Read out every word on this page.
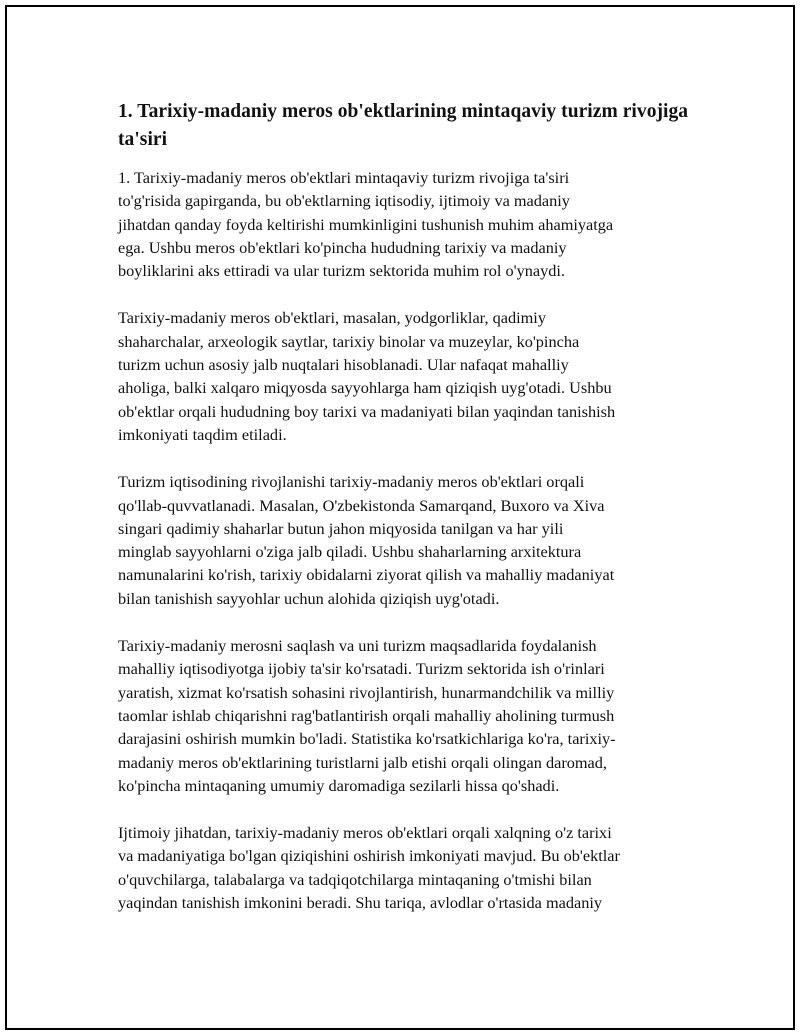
1. Tarixiy-madaniy meros ob'ektlarining mintaqaviy turizm rivojiga ta'siri
1. Tarixiy-madaniy meros ob'ektlari mintaqaviy turizm rivojiga ta'siri
to'g'risida gapirganda, bu ob'ektlarning iqtisodiy, ijtimoiy va madaniy
jihatdan qanday foyda keltirishi mumkinligini tushunish muhim ahamiyatga
ega. Ushbu meros ob'ektlari ko'pincha hududning tarixiy va madaniy
boyliklarini aks ettiradi va ular turizm sektorida muhim rol o'ynaydi.
Tarixiy-madaniy meros ob'ektlari, masalan, yodgorliklar, qadimiy
shaharchalar, arxeologik saytlar, tarixiy binolar va muzeylar, ko'pincha
turizm uchun asosiy jalb nuqtalari hisoblanadi. Ular nafaqat mahalliy
aholiga, balki xalqaro miqyosda sayyohlarga ham qiziqish uyg'otadi. Ushbu
ob'ektlar orqali hududning boy tarixi va madaniyati bilan yaqindan tanishish
imkoniyati taqdim etiladi.
Turizm iqtisodining rivojlanishi tarixiy-madaniy meros ob'ektlari orqali
qo'llab-quvvatlanadi. Masalan, O'zbekistonda Samarqand, Buxoro va Xiva
singari qadimiy shaharlar butun jahon miqyosida tanilgan va har yili
minglab sayyohlarni o'ziga jalb qiladi. Ushbu shaharlarning arxitektura
namunalarini ko'rish, tarixiy obidalarni ziyorat qilish va mahalliy madaniyat
bilan tanishish sayyohlar uchun alohida qiziqish uyg'otadi.
Tarixiy-madaniy merosni saqlash va uni turizm maqsadlarida foydalanish
mahalliy iqtisodiyotga ijobiy ta'sir ko'rsatadi. Turizm sektorida ish o'rinlari
yaratish, xizmat ko'rsatish sohasini rivojlantirish, hunarmandchilik va milliy
taomlar ishlab chiqarishni rag'batlantirish orqali mahalliy aholining turmush
darajasini oshirish mumkin bo'ladi. Statistika ko'rsatkichlariga ko'ra, tarixiy-
madaniy meros ob'ektlarining turistlarni jalb etishi orqali olingan daromad,
ko'pincha mintaqaning umumiy daromadiga sezilarli hissa qo'shadi.
Ijtimoiy jihatdan, tarixiy-madaniy meros ob'ektlari orqali xalqning o'z tarixi
va madaniyatiga bo'lgan qiziqishini oshirish imkoniyati mavjud. Bu ob'ektlar
o'quvchilarga, talabalarga va tadqiqotchilarga mintaqaning o'tmishi bilan
yaqindan tanishish imkonini beradi. Shu tariqa, avlodlar o'rtasida madaniy
